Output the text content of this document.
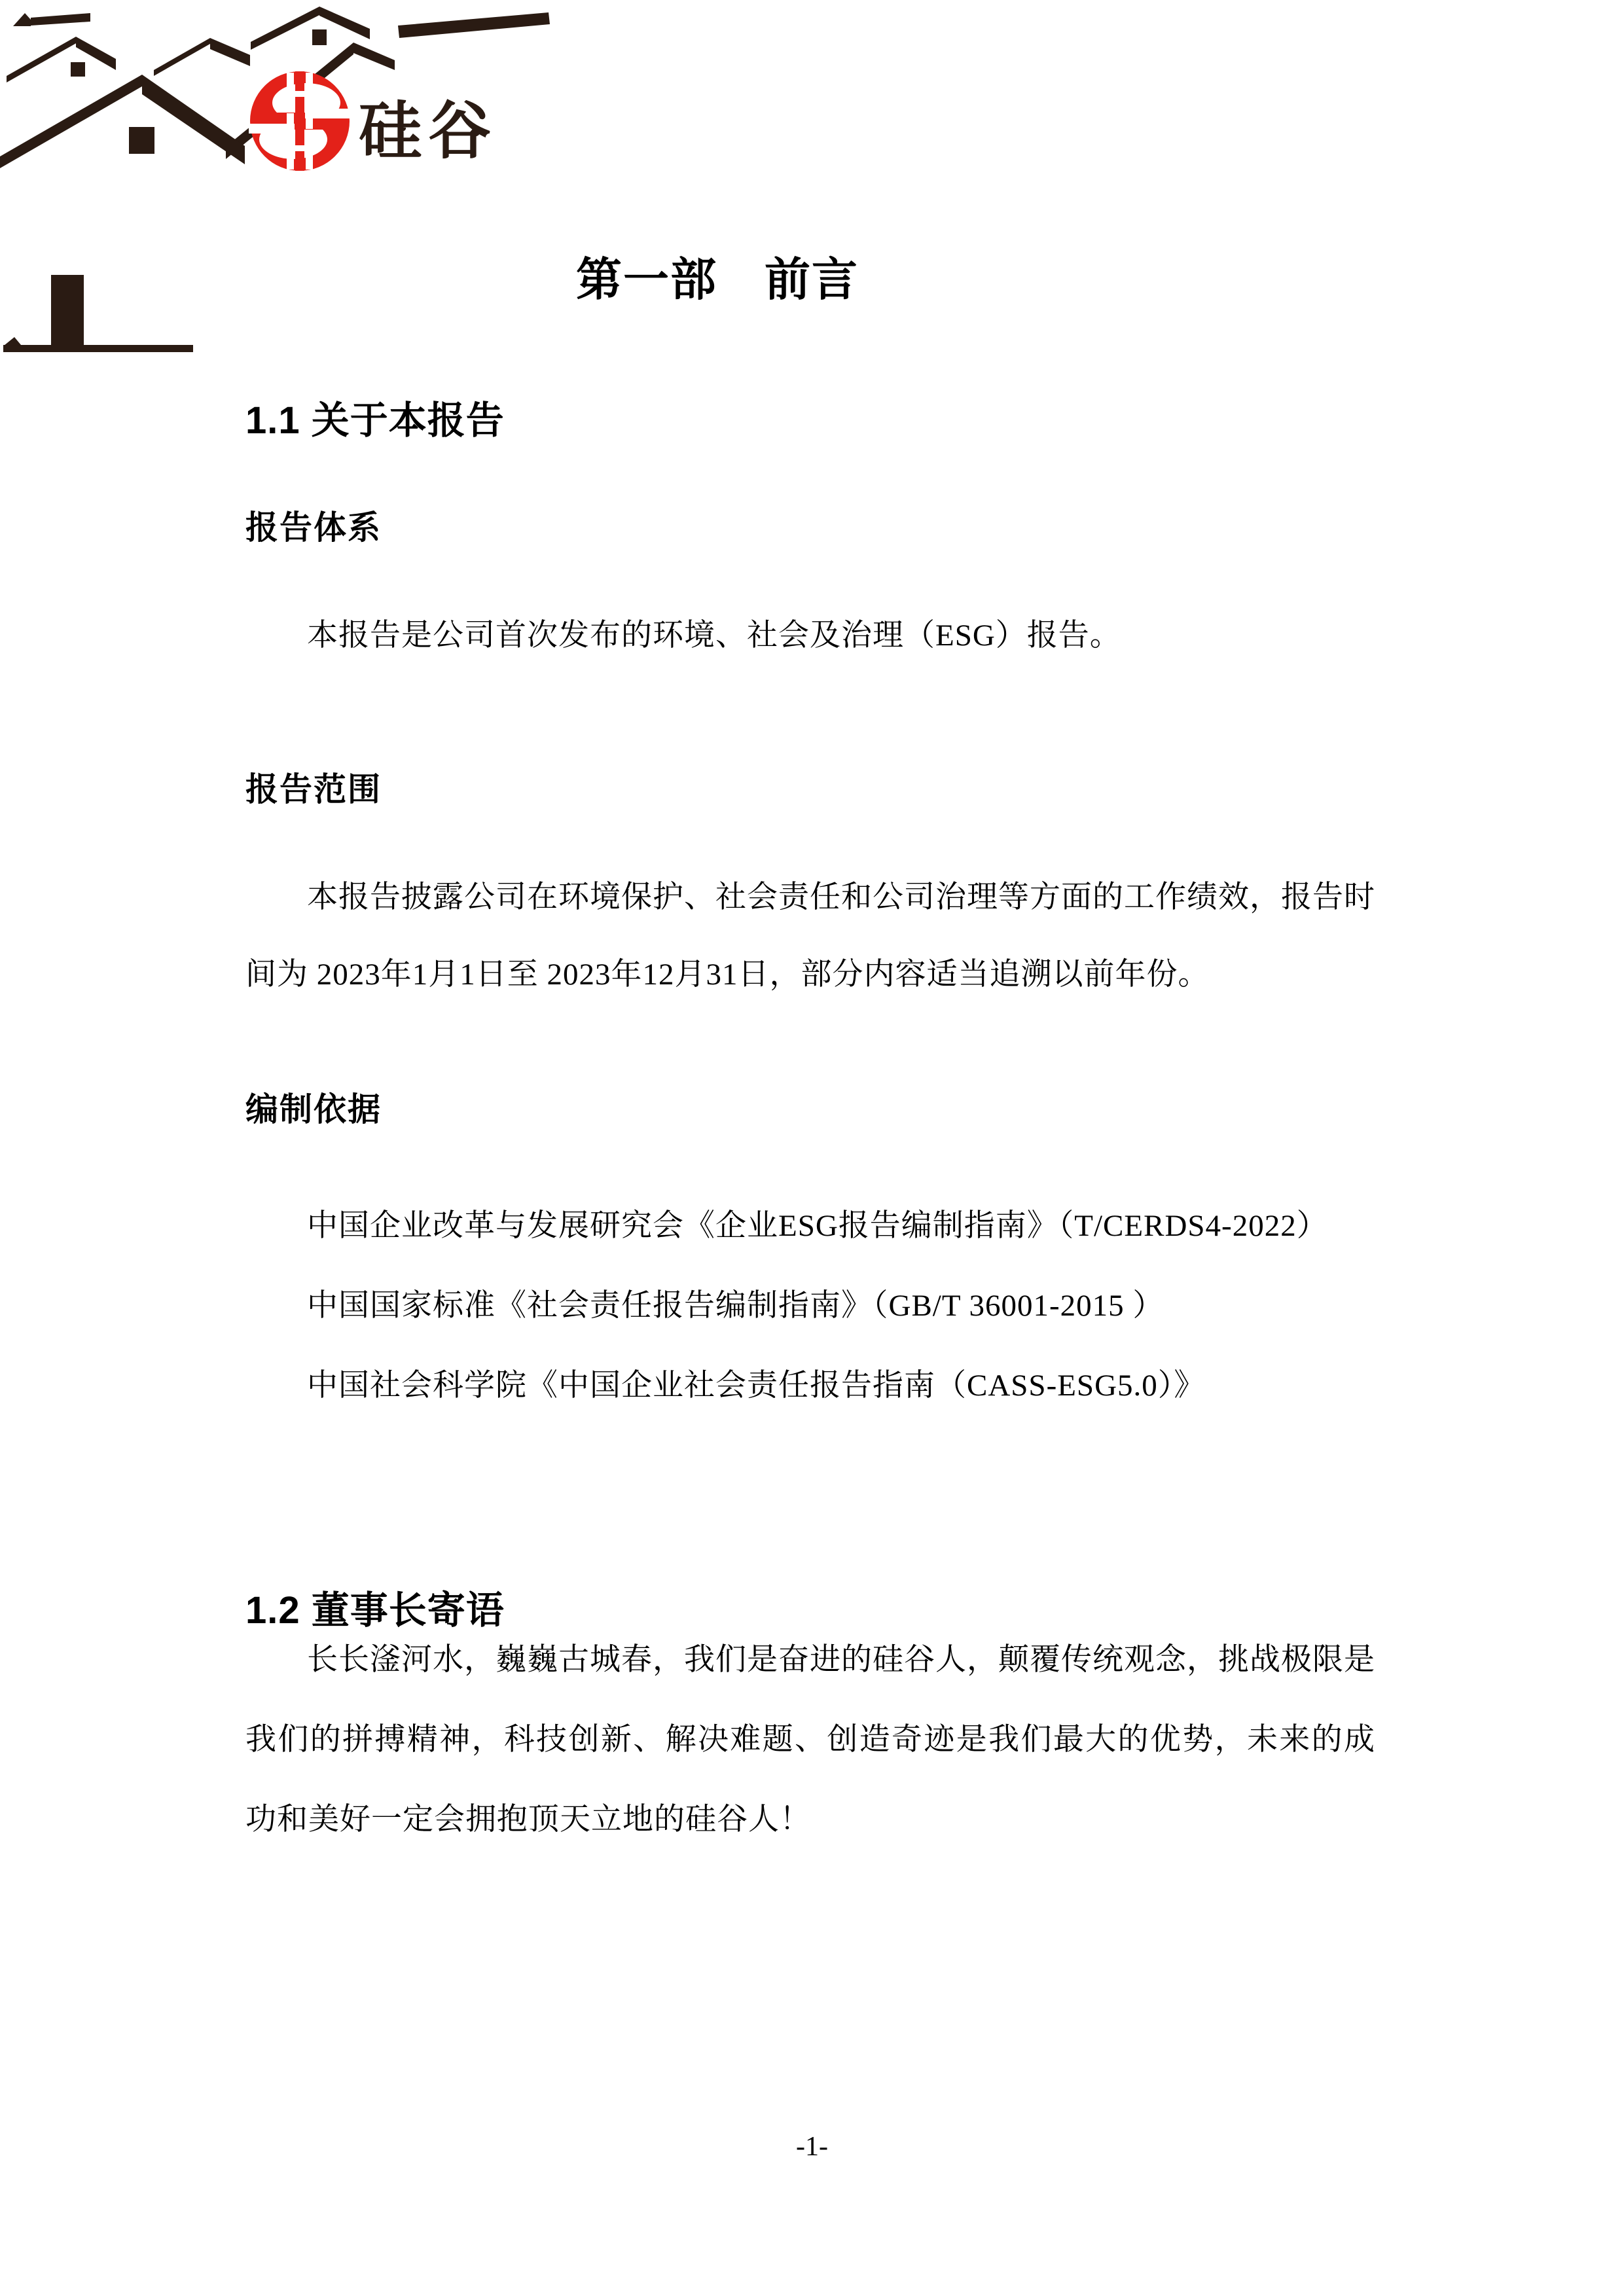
硅谷
第一部　前言
1.1 关于本报告
报告体系

本报告是公司首次发布的环境、社会及治理（ESG）报告。

报告范围

本报告披露公司在环境保护、社会责任和公司治理等方面的工作绩效，报告时间为 2023年1月1日至 2023年12月31日，部分内容适当追溯以前年份。

编制依据

中国企业改革与发展研究会《企业ESG报告编制指南》（T/CERDS4-2022）

中国国家标准《社会责任报告编制指南》（GB/T 36001-2015 ）

中国社会科学院《中国企业社会责任报告指南（CASS-ESG5.0）》

1.2 董事长寄语

长长滏河水，巍巍古城春，我们是奋进的硅谷人，颠覆传统观念，挑战极限是我们的拼搏精神，科技创新、解决难题、创造奇迹是我们最大的优势，未来的成功和美好一定会拥抱顶天立地的硅谷人！

-1-
